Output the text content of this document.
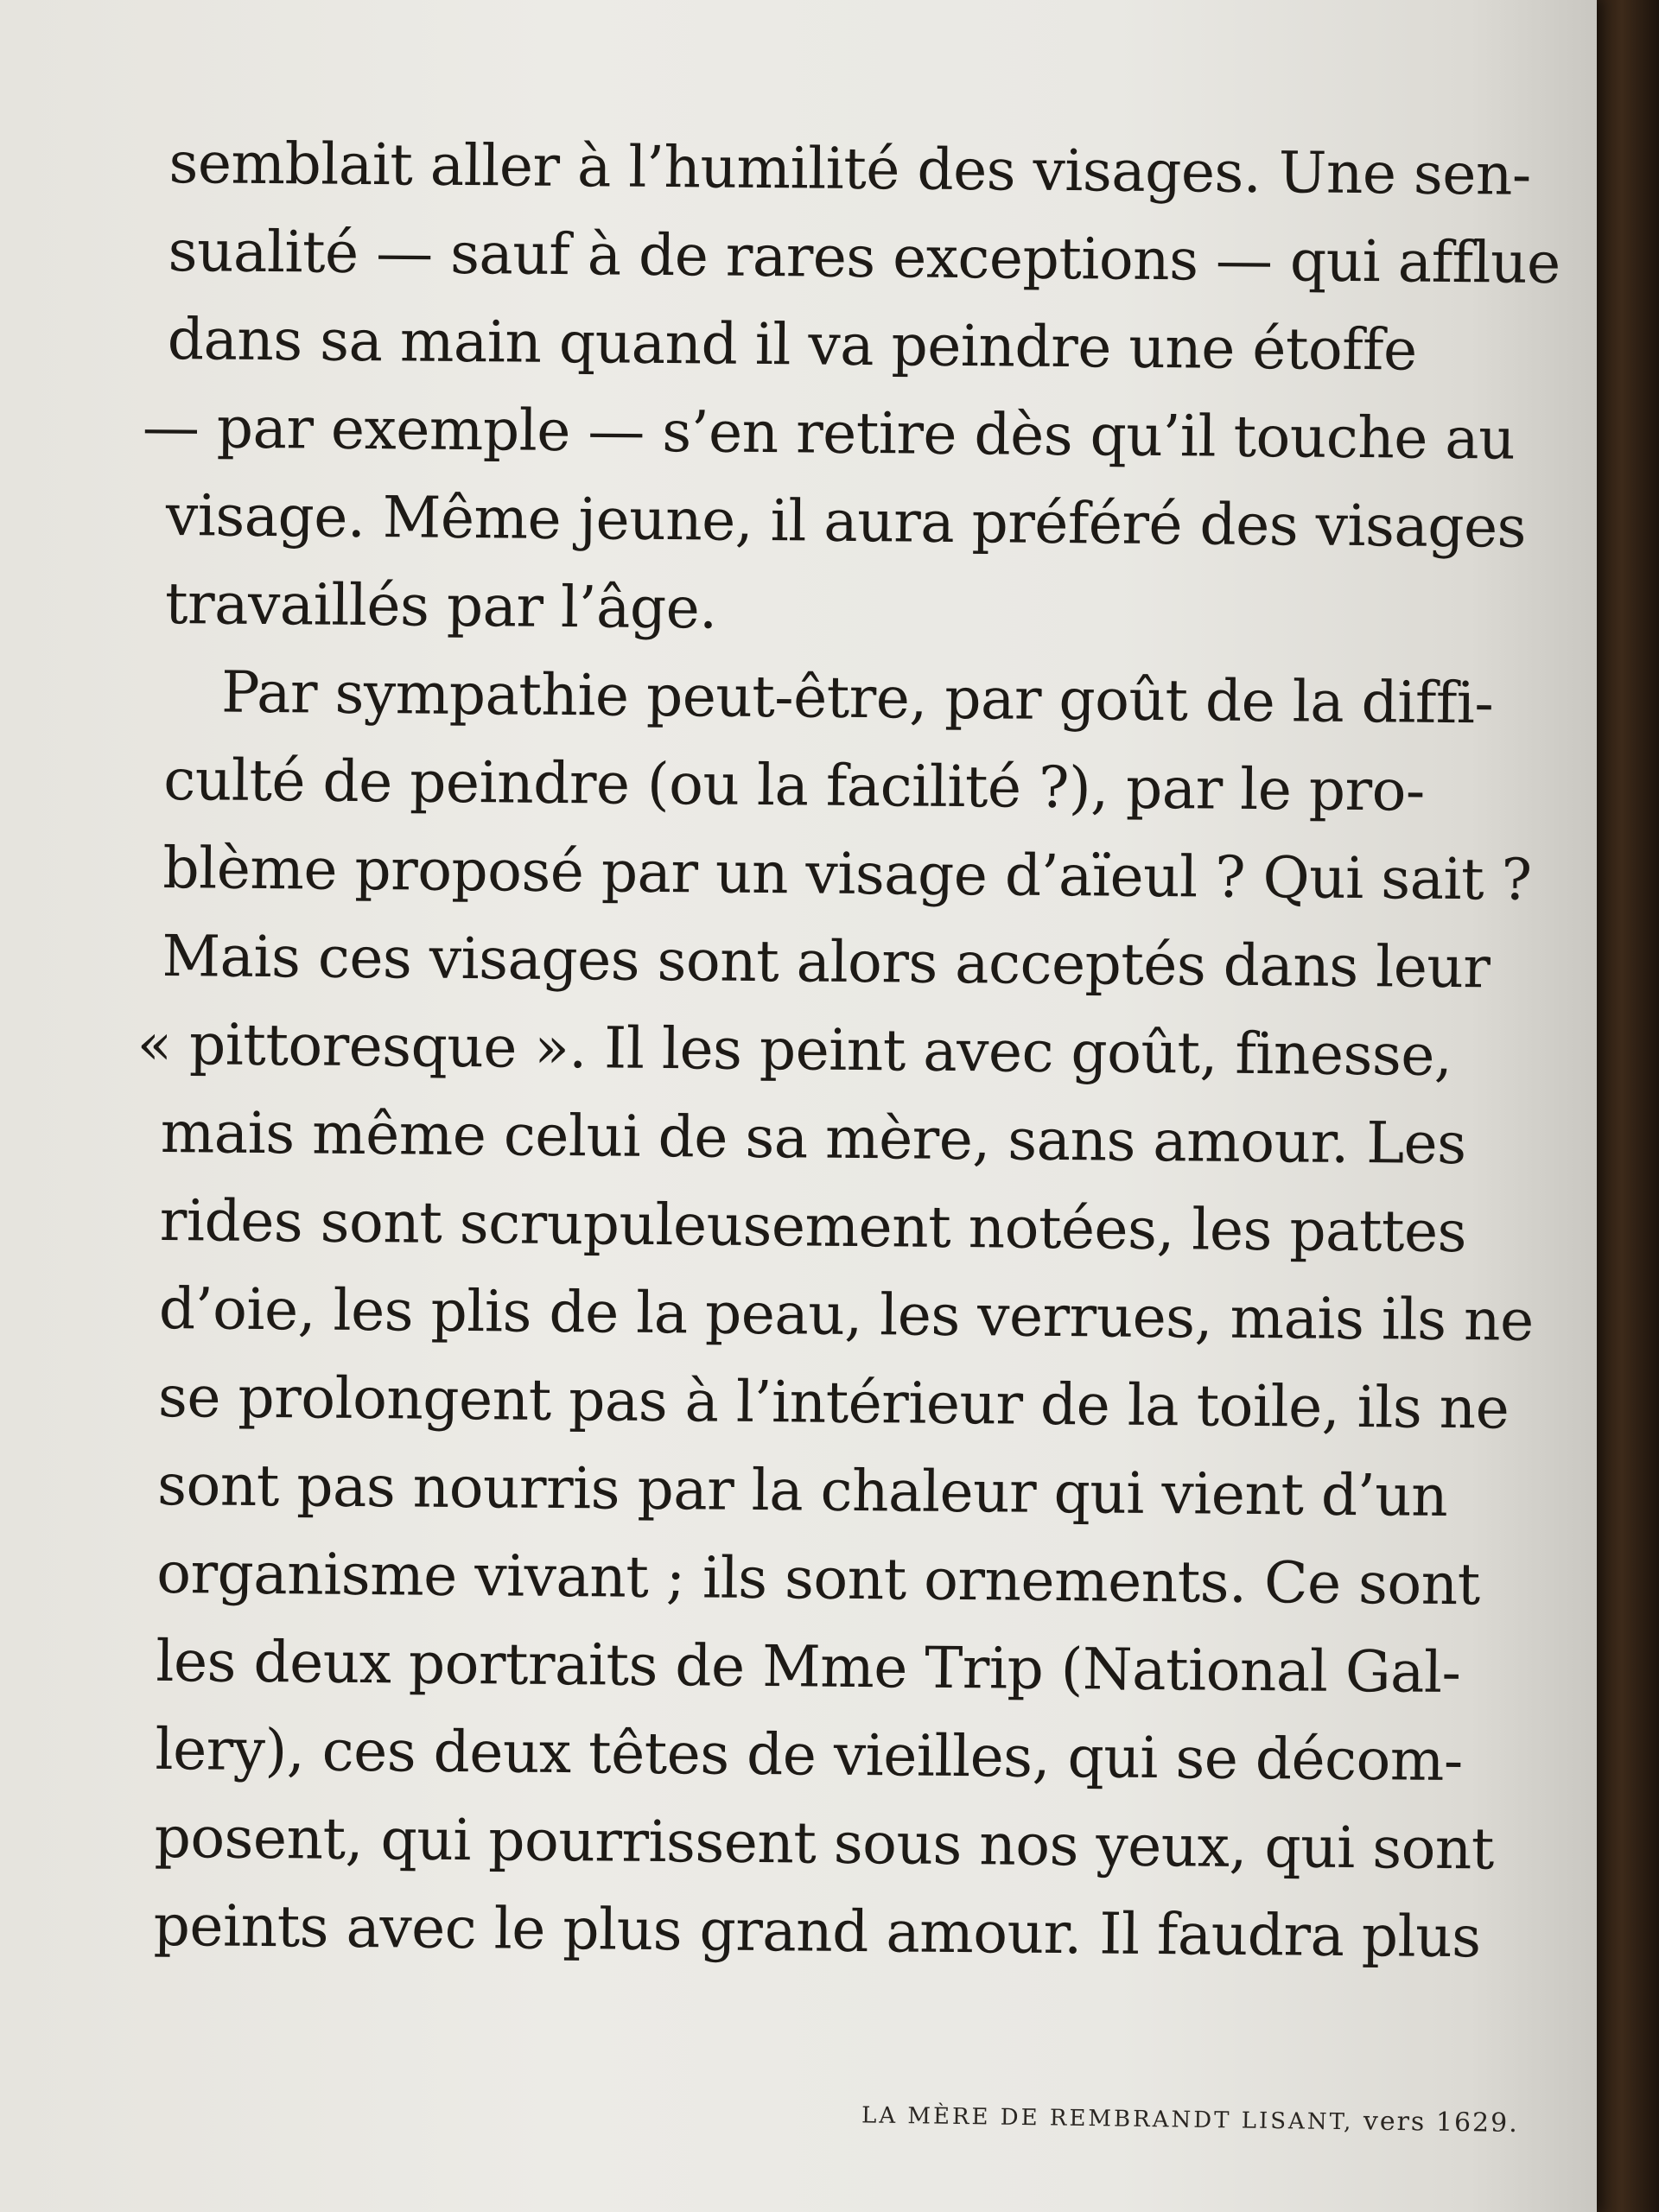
semblait aller à l’humilité des visages. Une sen-
sualité — sauf à de rares exceptions — qui afflue
dans sa main quand il va peindre une étoffe
— par exemple — s’en retire dès qu’il touche au
visage. Même jeune, il aura préféré des visages
travaillés par l’âge.
Par sympathie peut-être, par goût de la diffi-
culté de peindre (ou la facilité ?), par le pro-
blème proposé par un visage d’aïeul ? Qui sait ?
Mais ces visages sont alors acceptés dans leur
« pittoresque ». Il les peint avec goût, finesse,
mais même celui de sa mère, sans amour. Les
rides sont scrupuleusement notées, les pattes
d’oie, les plis de la peau, les verrues, mais ils ne
se prolongent pas à l’intérieur de la toile, ils ne
sont pas nourris par la chaleur qui vient d’un
organisme vivant ; ils sont ornements. Ce sont
les deux portraits de Mme Trip (National Gal-
lery), ces deux têtes de vieilles, qui se décom-
posent, qui pourrissent sous nos yeux, qui sont
peints avec le plus grand amour. Il faudra plus
LA MÈRE DE REMBRANDT LISANT, vers 1629.
